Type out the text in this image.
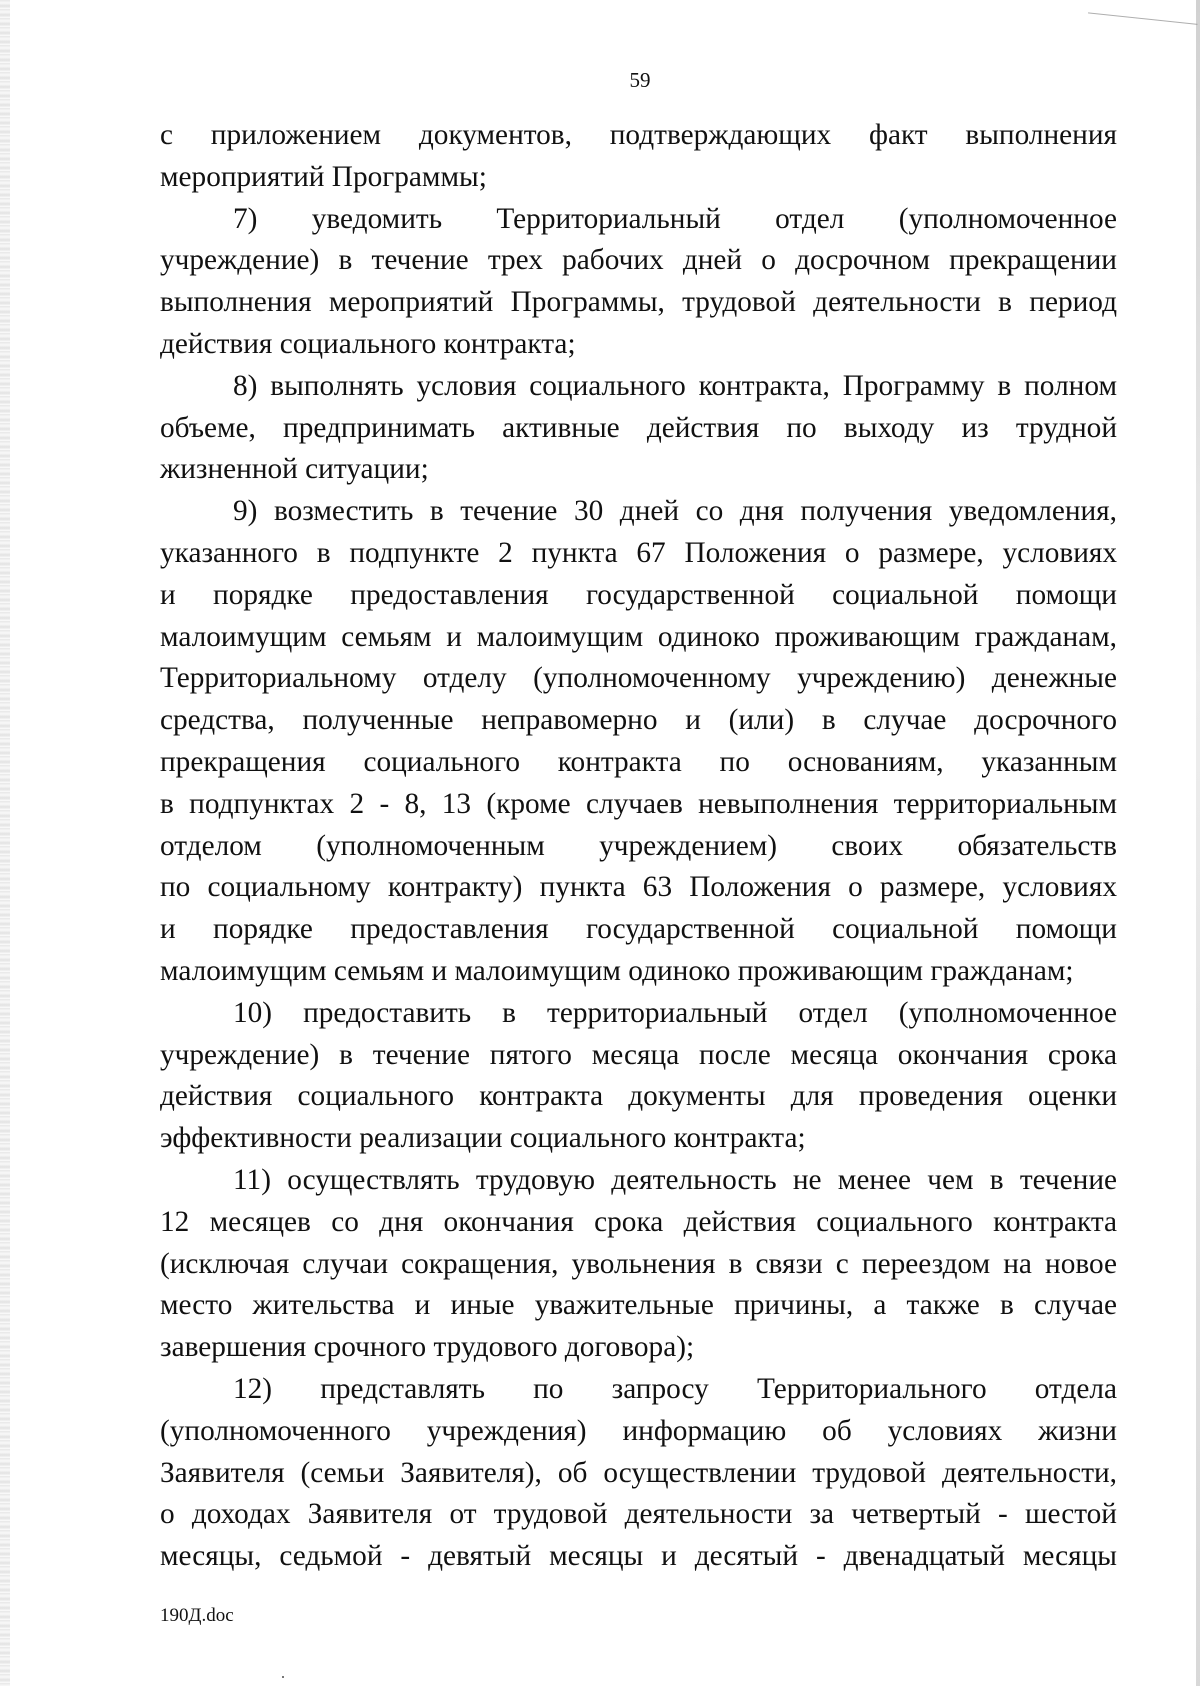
59
с приложением документов, подтверждающих факт выполнения
мероприятий Программы;
7) уведомить Территориальный отдел (уполномоченное
учреждение) в течение трех рабочих дней о досрочном прекращении
выполнения мероприятий Программы, трудовой деятельности в период
действия социального контракта;
8) выполнять условия социального контракта, Программу в полном
объеме, предпринимать активные действия по выходу из трудной
жизненной ситуации;
9) возместить в течение 30 дней со дня получения уведомления,
указанного в подпункте 2 пункта 67 Положения о размере, условиях
и порядке предоставления государственной социальной помощи
малоимущим семьям и малоимущим одиноко проживающим гражданам,
Территориальному отделу (уполномоченному учреждению) денежные
средства, полученные неправомерно и (или) в случае досрочного
прекращения социального контракта по основаниям, указанным
в подпунктах 2 - 8, 13 (кроме случаев невыполнения территориальным
отделом (уполномоченным учреждением) своих обязательств
по социальному контракту) пункта 63 Положения о размере, условиях
и порядке предоставления государственной социальной помощи
малоимущим семьям и малоимущим одиноко проживающим гражданам;
10) предоставить в территориальный отдел (уполномоченное
учреждение) в течение пятого месяца после месяца окончания срока
действия социального контракта документы для проведения оценки
эффективности реализации социального контракта;
11) осуществлять трудовую деятельность не менее чем в течение
12 месяцев со дня окончания срока действия социального контракта
(исключая случаи сокращения, увольнения в связи с переездом на новое
место жительства и иные уважительные причины, а также в случае
завершения срочного трудового договора);
12) представлять по запросу Территориального отдела
(уполномоченного учреждения) информацию об условиях жизни
Заявителя (семьи Заявителя), об осуществлении трудовой деятельности,
о доходах Заявителя от трудовой деятельности за четвертый - шестой
месяцы, седьмой - девятый месяцы и десятый - двенадцатый месяцы
190Д.doc
